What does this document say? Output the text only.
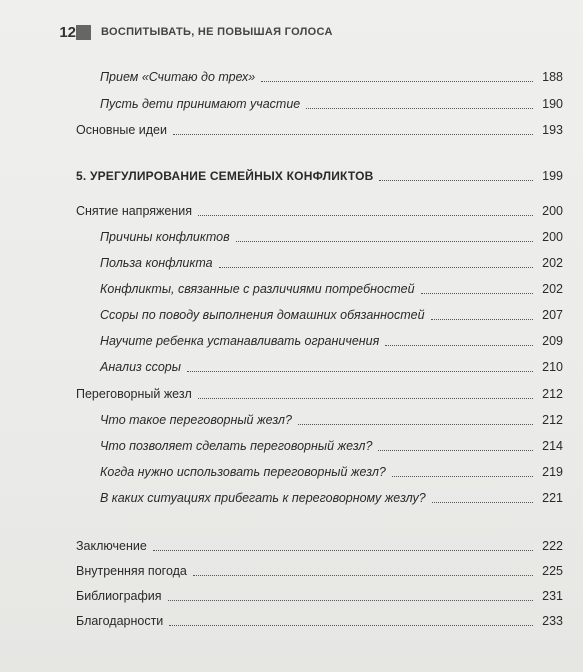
12 ВОСПИТЫВАТЬ, НЕ ПОВЫШАЯ ГОЛОСА
Прием «Считаю до трех»	188
Пусть дети принимают участие	190
Основные идеи	193
5. УРЕГУЛИРОВАНИЕ СЕМЕЙНЫХ КОНФЛИКТОВ	199
Снятие напряжения	200
Причины конфликтов	200
Польза конфликта	202
Конфликты, связанные с различиями потребностей	202
Ссоры по поводу выполнения домашних обязанностей	207
Научите ребенка устанавливать ограничения	209
Анализ ссоры	210
Переговорный жезл	212
Что такое переговорный жезл?	212
Что позволяет сделать переговорный жезл?	214
Когда нужно использовать переговорный жезл?	219
В каких ситуациях прибегать к переговорному жезлу?	221
Заключение	222
Внутренняя погода	225
Библиография	231
Благодарности	233
